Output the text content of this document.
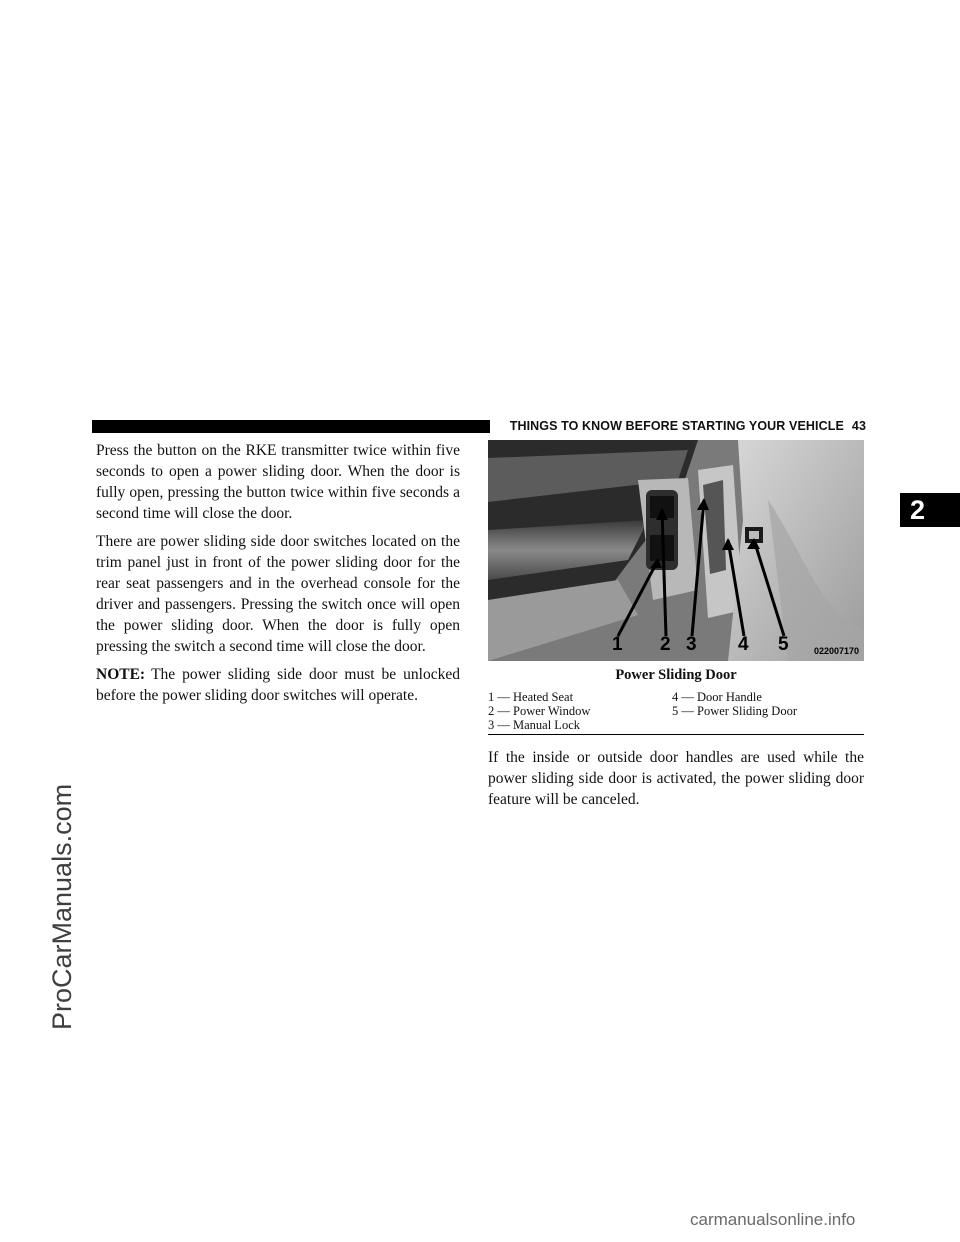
ProCarManuals.com
THINGS TO KNOW BEFORE STARTING YOUR VEHICLE 43
2

Press the button on the RKE transmitter twice within five seconds to open a power sliding door. When the door is fully open, pressing the button twice within five seconds a second time will close the door.

There are power sliding side door switches located on the trim panel just in front of the power sliding door for the rear seat passengers and in the overhead console for the driver and passengers. Pressing the switch once will open the power sliding door. When the door is fully open pressing the switch a second time will close the door.

NOTE: The power sliding side door must be unlocked before the power sliding door switches will operate.

1 2 3 4 5	022007170
Power Sliding Door
1 — Heated Seat	4 — Door Handle
2 — Power Window	5 — Power Sliding Door
3 — Manual Lock

If the inside or outside door handles are used while the power sliding side door is activated, the power sliding door feature will be canceled.

carmanualsonline.info
